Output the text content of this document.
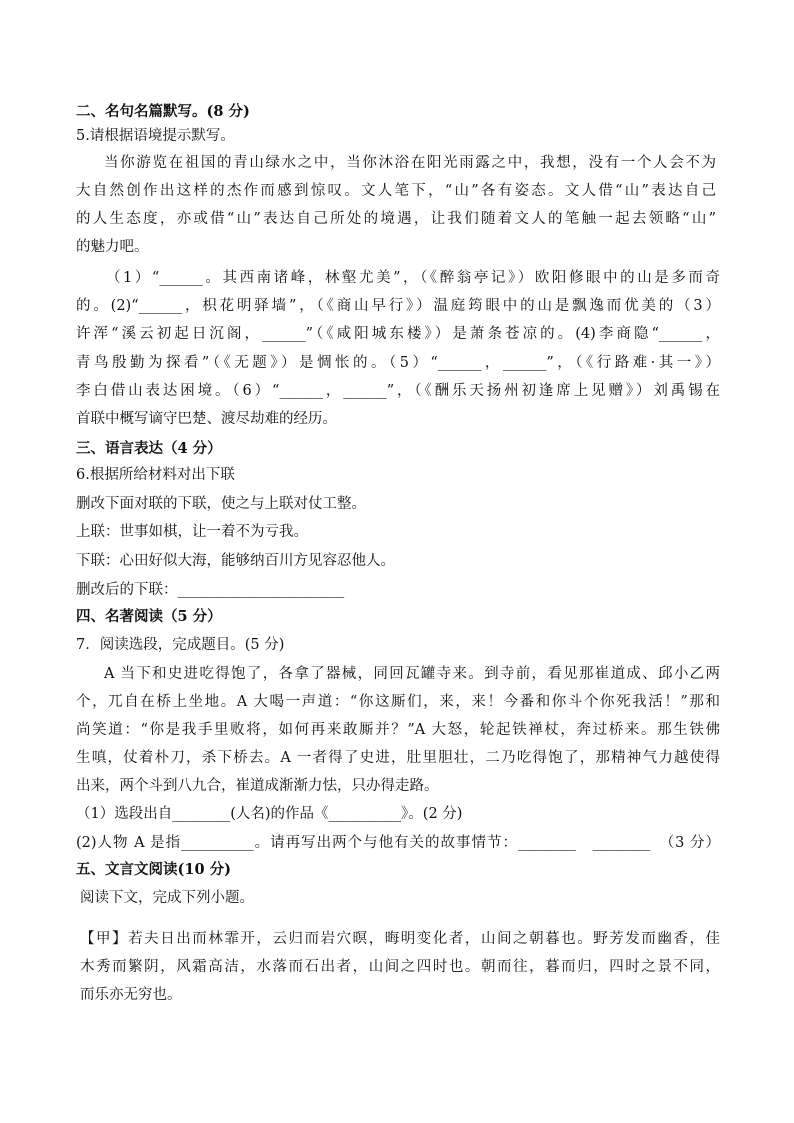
二、名句名篇默写。(8 分)
5.请根据语境提示默写。
当你游览在祖国的青山绿水之中，当你沐浴在阳光雨露之中，我想，没有一个人会不为
大自然创作出这样的杰作而感到惊叹。文人笔下，“山”各有姿态。文人借“山”表达自己
的人生态度，亦或借“山”表达自己所处的境遇，让我们随着文人的笔触一起去领略“山”
的魅力吧。
（1）“______。其西南诸峰，林壑尤美”，（《醉翁亭记》）欧阳修眼中的山是多而奇
的。(2)“______，枳花明驿墙”，（《商山早行》）温庭筠眼中的山是飘逸而优美的（3）
许浑“溪云初起日沉阁，______”（《咸阳城东楼》）是萧条苍凉的。(4)李商隐“______，
青鸟殷勤为探看”（《无题》）是惆怅的。（5）“______，______”，（《行路难·其一》）
李白借山表达困境。（6）“______，______”，（《酬乐天扬州初逢席上见赠》）刘禹锡在
首联中概写谪守巴楚、渡尽劫难的经历。
三、语言表达（4 分）
6.根据所给材料对出下联
删改下面对联的下联，使之与上联对仗工整。
上联：世事如棋，让一着不为亏我。
下联：心田好似大海，能够纳百川方见容忍他人。
删改后的下联：_______________________
四、名著阅读（5 分）
7．阅读选段，完成题目。(5 分)
A 当下和史进吃得饱了，各拿了器械，同回瓦罐寺来。到寺前，看见那崔道成、邱小乙两
个，兀自在桥上坐地。A 大喝一声道：“你这厮们，来，来！今番和你斗个你死我活！”那和
尚笑道：“你是我手里败将，如何再来敢厮并？”A 大怒，轮起铁禅杖，奔过桥来。那生铁佛
生嗔，仗着朴刀，杀下桥去。A 一者得了史进，肚里胆壮，二乃吃得饱了，那精神气力越使得
出来，两个斗到八九合，崔道成渐渐力怯，只办得走路。
（1）选段出自________(人名)的作品《__________》。(2 分)
(2)人物 A 是指__________。请再写出两个与他有关的故事情节：________　________　（3 分）
五、文言文阅读(10 分)
阅读下文，完成下列小题。
【甲】若夫日出而林霏开，云归而岩穴暝，晦明变化者，山间之朝暮也。野芳发而幽香，佳
木秀而繁阴，风霜高洁，水落而石出者，山间之四时也。朝而往，暮而归，四时之景不同，
而乐亦无穷也。
